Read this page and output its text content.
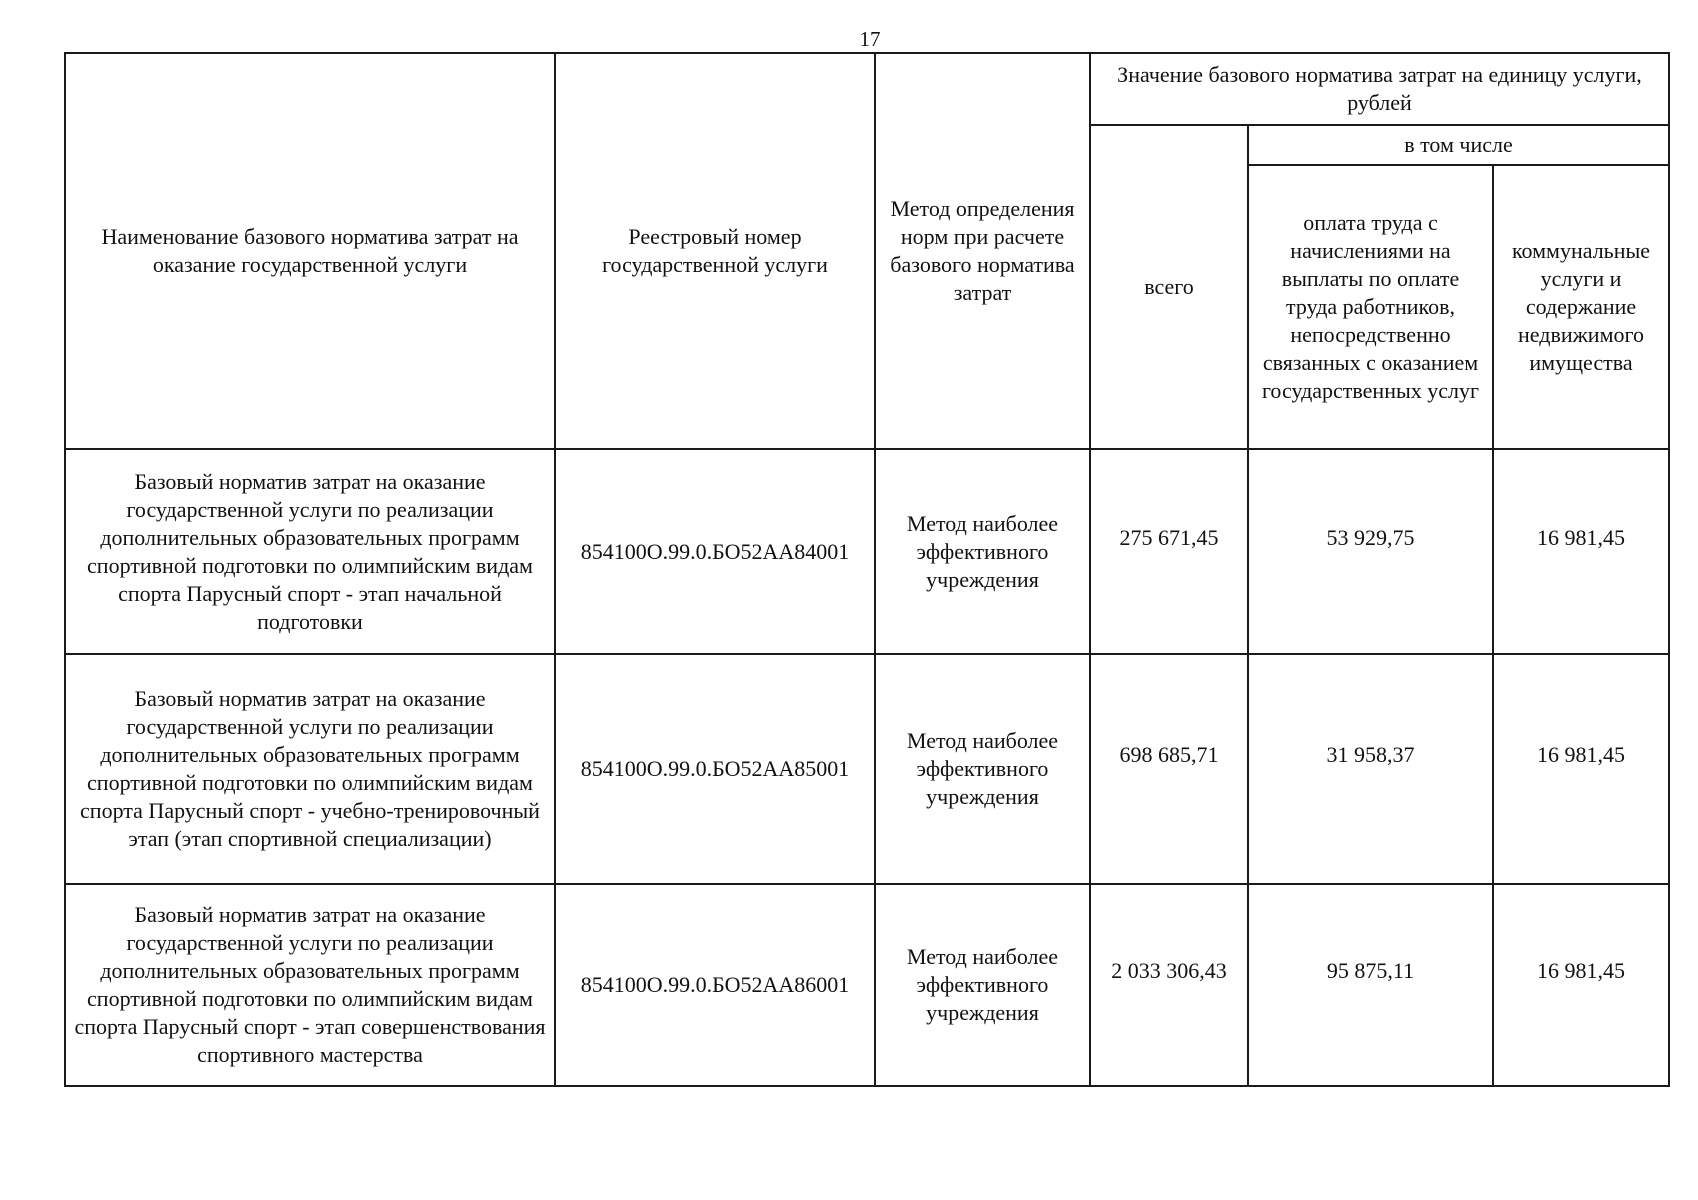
17
Наименование базового норматива затрат на оказание государственной услуги	Реестровый номер государственной услуги	Метод определения норм при расчете базового норматива затрат	Значение базового норматива затрат на единицу услуги, рублей		
			всего	в том числе	
				оплата труда с начислениями на выплаты по оплате труда работников, непосредственно связанных с оказанием государственных услуг	коммунальные услуги и содержание недвижимого имущества
Базовый норматив затрат на оказание государственной услуги по реализации дополнительных образовательных программ спортивной подготовки по олимпийским видам спорта Парусный спорт - этап начальной подготовки	854100О.99.0.БО52АА84001	Метод наиболее эффективного учреждения	275 671,45	53 929,75	16 981,45
Базовый норматив затрат на оказание государственной услуги по реализации дополнительных образовательных программ спортивной подготовки по олимпийским видам спорта Парусный спорт - учебно-тренировочный этап (этап спортивной специализации)	854100О.99.0.БО52АА85001	Метод наиболее эффективного учреждения	698 685,71	31 958,37	16 981,45
Базовый норматив затрат на оказание государственной услуги по реализации дополнительных образовательных программ спортивной подготовки по олимпийским видам спорта Парусный спорт - этап совершенствования спортивного мастерства	854100О.99.0.БО52АА86001	Метод наиболее эффективного учреждения	2 033 306,43	95 875,11	16 981,45
